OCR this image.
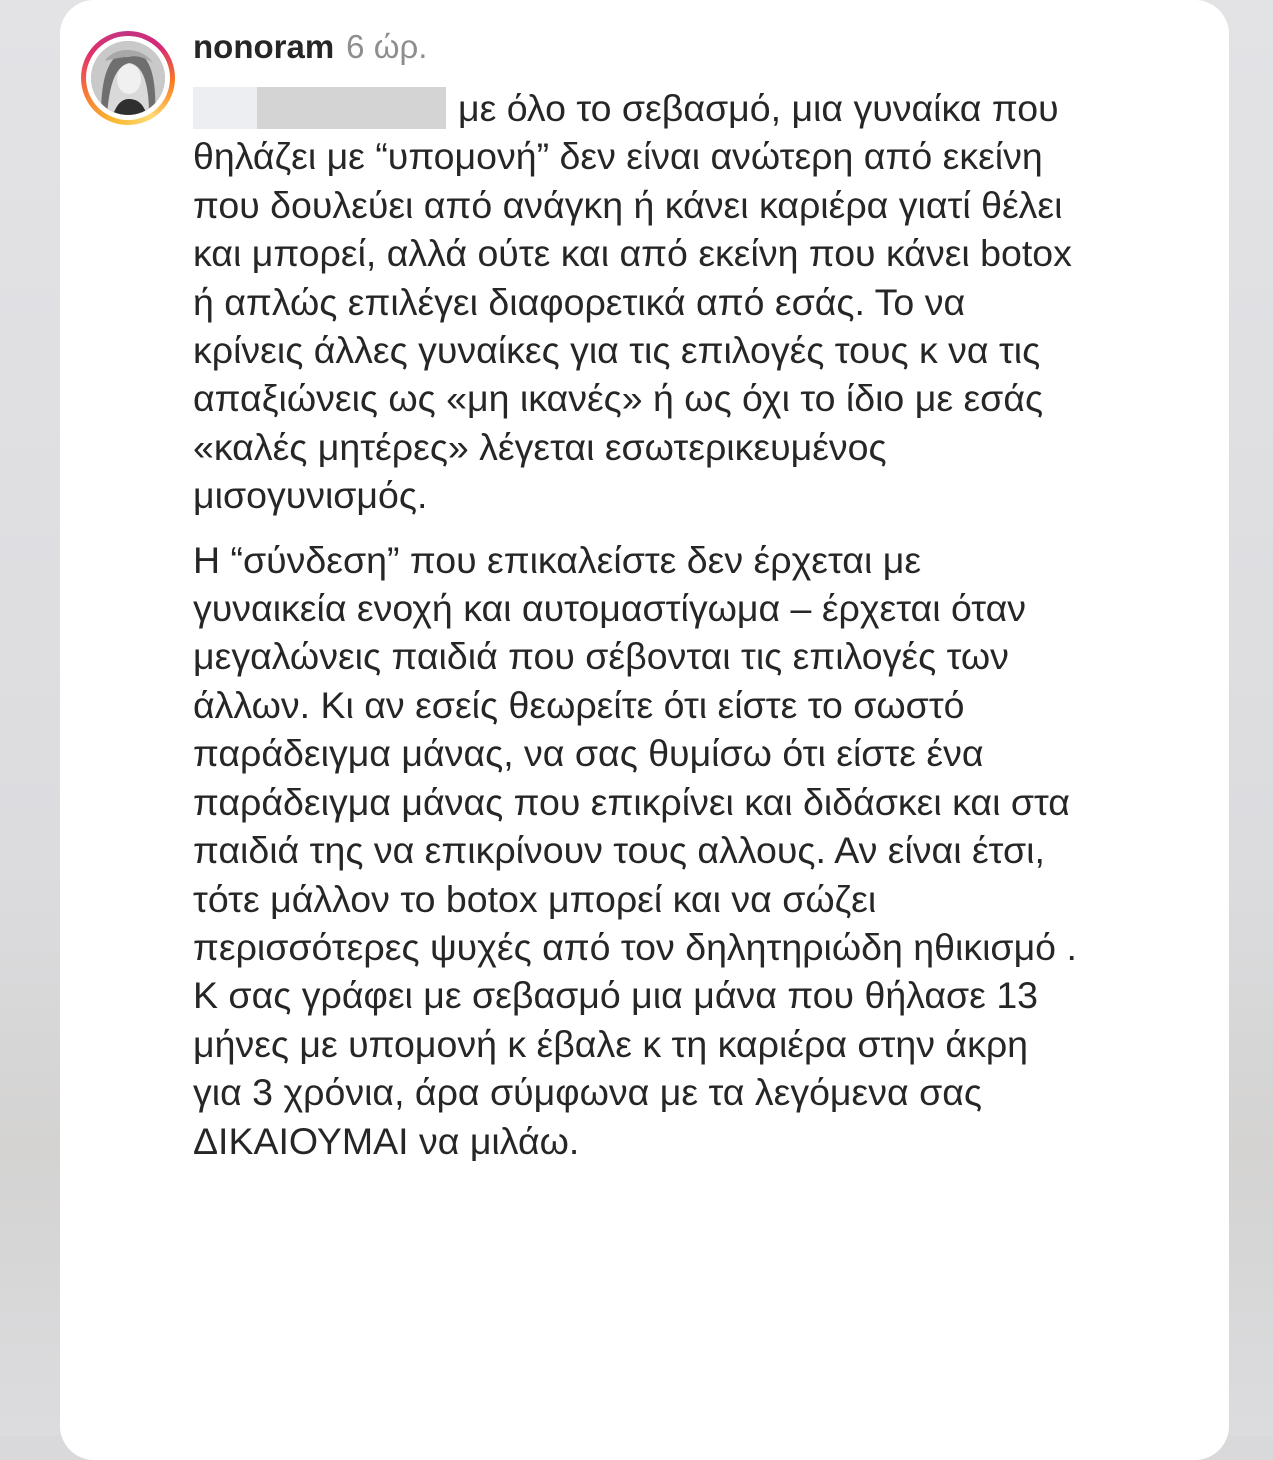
nonoram 6 ώρ.

με όλο το σεβασμό, μια γυναίκα που θηλάζει με “υπομονή” δεν είναι ανώτερη από εκείνη που δουλεύει από ανάγκη ή κάνει καριέρα γιατί θέλει και μπορεί, αλλά ούτε και από εκείνη που κάνει botox ή απλώς επιλέγει διαφορετικά από εσάς. Το να κρίνεις άλλες γυναίκες για τις επιλογές τους κ να τις απαξιώνεις ως «μη ικανές» ή ως όχι το ίδιο με εσάς «καλές μητέρες» λέγεται εσωτερικευμένος μισογυνισμός.

Η “σύνδεση” που επικαλείστε δεν έρχεται με γυναικεία ενοχή και αυτομαστίγωμα – έρχεται όταν μεγαλώνεις παιδιά που σέβονται τις επιλογές των άλλων. Κι αν εσείς θεωρείτε ότι είστε το σωστό παράδειγμα μάνας, να σας θυμίσω ότι είστε ένα παράδειγμα μάνας που επικρίνει και διδάσκει και στα παιδιά της να επικρίνουν τους αλλους. Αν είναι έτσι, τότε μάλλον το botox μπορεί και να σώζει περισσότερες ψυχές από τον δηλητηριώδη ηθικισμό . Κ σας γράφει με σεβασμό μια μάνα που θήλασε 13 μήνες με υπομονή κ έβαλε κ τη καριέρα στην άκρη για 3 χρόνια, άρα σύμφωνα με τα λεγόμενα σας ΔΙΚΑΙΟΥΜΑΙ να μιλάω.
